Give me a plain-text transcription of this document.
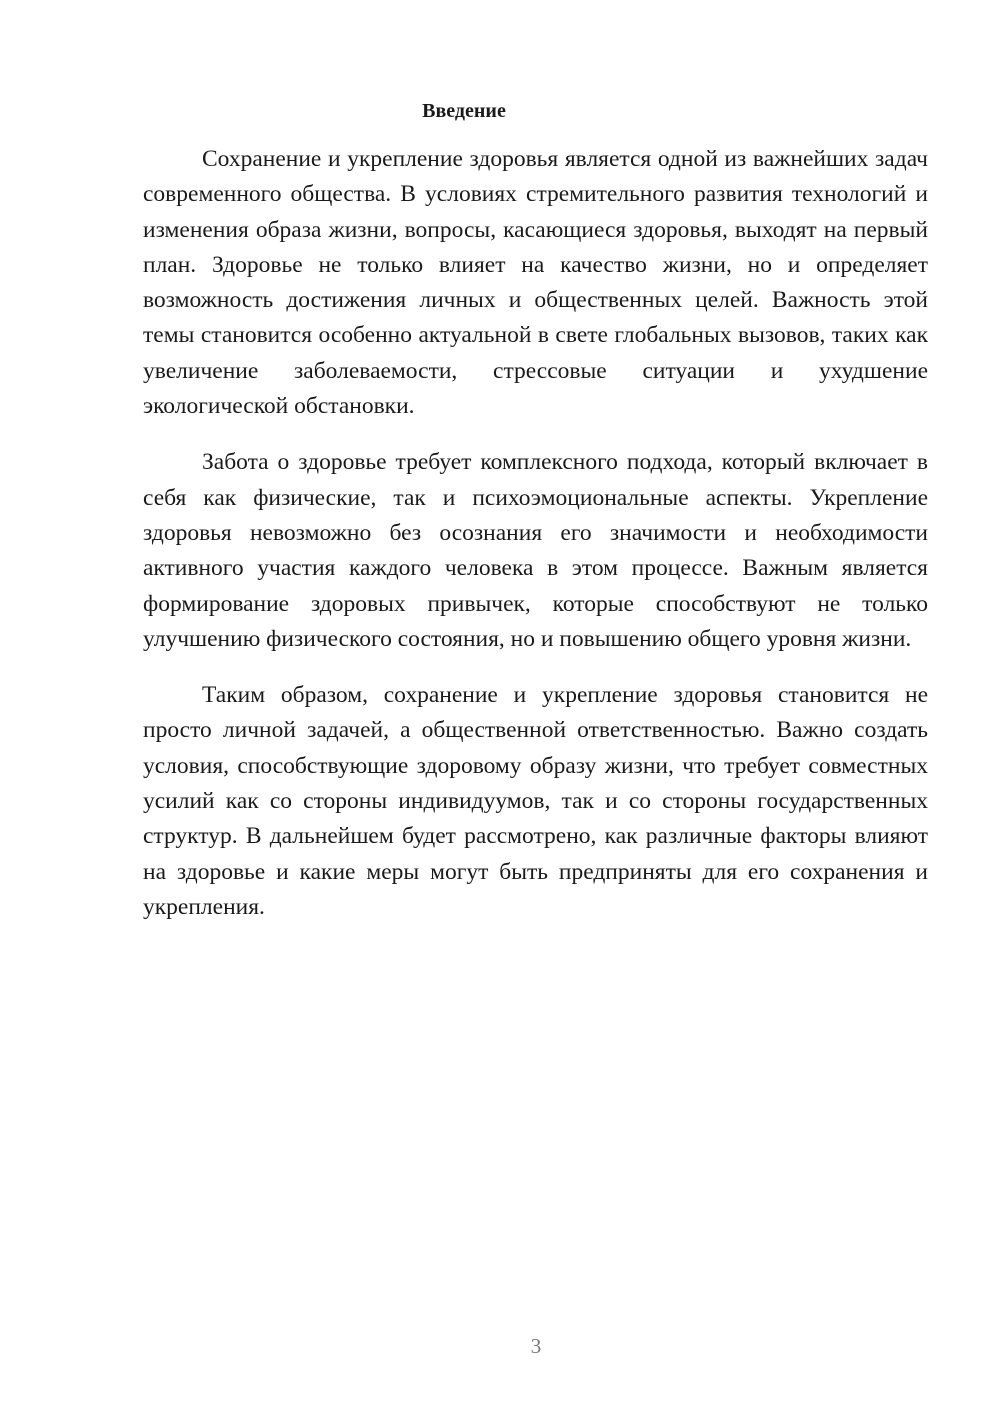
Введение

Сохранение и укрепление здоровья является одной из важнейших задач современного общества. В условиях стремительного развития технологий и изменения образа жизни, вопросы, касающиеся здоровья, выходят на первый план. Здоровье не только влияет на качество жизни, но и определяет возможность достижения личных и общественных целей. Важность этой темы становится особенно актуальной в свете глобальных вызовов, таких как увеличение заболеваемости, стрессовые ситуации и ухудшение экологической обстановки.

Забота о здоровье требует комплексного подхода, который включает в себя как физические, так и психоэмоциональные аспекты. Укрепление здоровья невозможно без осознания его значимости и необходимости активного участия каждого человека в этом процессе. Важным является формирование здоровых привычек, которые способствуют не только улучшению физического состояния, но и повышению общего уровня жизни.

Таким образом, сохранение и укрепление здоровья становится не просто личной задачей, а общественной ответственностью. Важно создать условия, способствующие здоровому образу жизни, что требует совместных усилий как со стороны индивидуумов, так и со стороны государственных структур. В дальнейшем будет рассмотрено, как различные факторы влияют на здоровье и какие меры могут быть предприняты для его сохранения и укрепления.

3
